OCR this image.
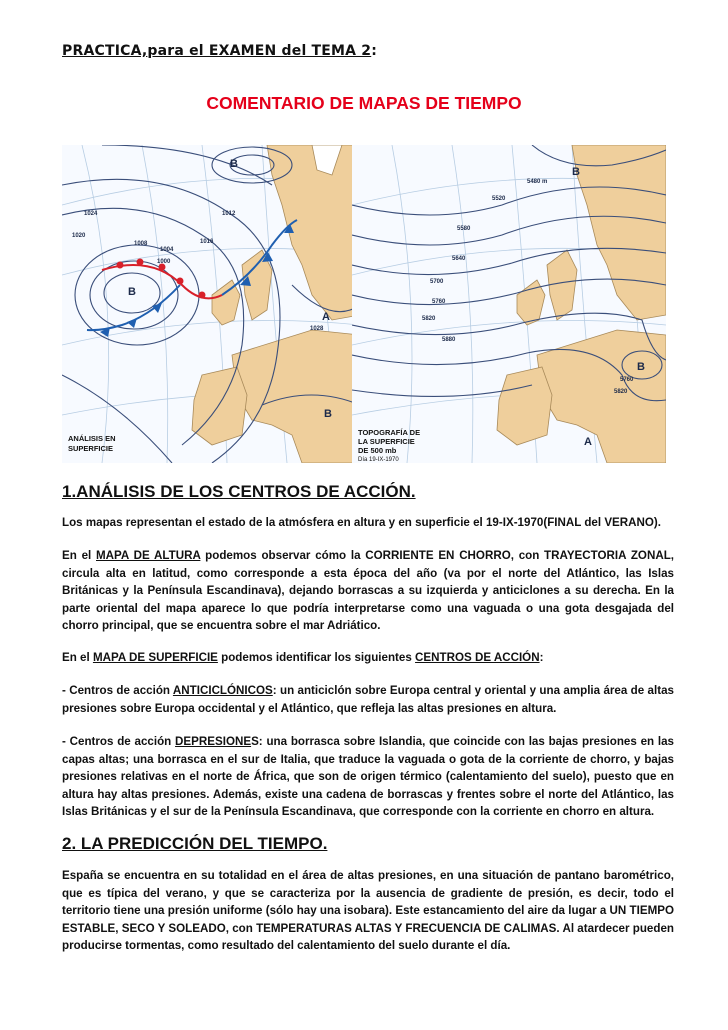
PRACTICA,para el EXAMEN del TEMA 2:
COMENTARIO DE MAPAS DE TIEMPO
B
B
A
B
1000
1004
1008
1012
1016
1020
1024
1028
ANÁLISIS EN
SUPERFICIE
B
B
A
5480 m
5520
5580
5640
5700
5760
5820
5880
5820
5760
TOPOGRAFÍA DE
LA SUPERFICIE
DE 500 mb
Día 19-IX-1970
1.ANÁLISIS DE LOS CENTROS DE ACCIÓN.
Los mapas representan el estado de la atmósfera en altura y en superficie el 19-IX-1970(FINAL del VERANO).
En el MAPA DE ALTURA podemos observar cómo la CORRIENTE EN CHORRO, con TRAYECTORIA ZONAL, circula alta en latitud, como corresponde a esta época del año (va por el norte del Atlántico, las Islas Británicas y la Península Escandinava), dejando borrascas a su izquierda y anticiclones a su derecha. En la parte oriental del mapa aparece lo que podría interpretarse como una vaguada o una gota desgajada del chorro principal, que se encuentra sobre el mar Adriático.
En el MAPA DE SUPERFICIE podemos identificar los siguientes CENTROS DE ACCIÓN:
- Centros de acción ANTICICLÓNICOS: un anticiclón sobre Europa central y oriental y una amplia área de altas presiones sobre Europa occidental y el Atlántico, que refleja las altas presiones en altura.
- Centros de acción DEPRESIONES: una borrasca sobre Islandia, que coincide con las bajas presiones en las capas altas; una borrasca en el sur de Italia, que traduce la vaguada o gota de la corriente de chorro, y bajas presiones relativas en el norte de África, que son de origen térmico (calentamiento del suelo), puesto que en altura hay altas presiones. Además, existe una cadena de borrascas y frentes sobre el norte del Atlántico, las Islas Británicas y el sur de la Península Escandinava, que corresponde con la corriente en chorro en altura.
2. LA PREDICCIÓN DEL TIEMPO.
España se encuentra en su totalidad en el área de altas presiones, en una situación de pantano barométrico, que es típica del verano, y que se caracteriza por la ausencia de gradiente de presión, es decir, todo el territorio tiene una presión uniforme (sólo hay una isobara). Este estancamiento del aire da lugar a UN TIEMPO ESTABLE, SECO Y SOLEADO, con TEMPERATURAS ALTAS Y FRECUENCIA DE CALIMAS. Al atardecer pueden producirse tormentas, como resultado del calentamiento del suelo durante el día.
